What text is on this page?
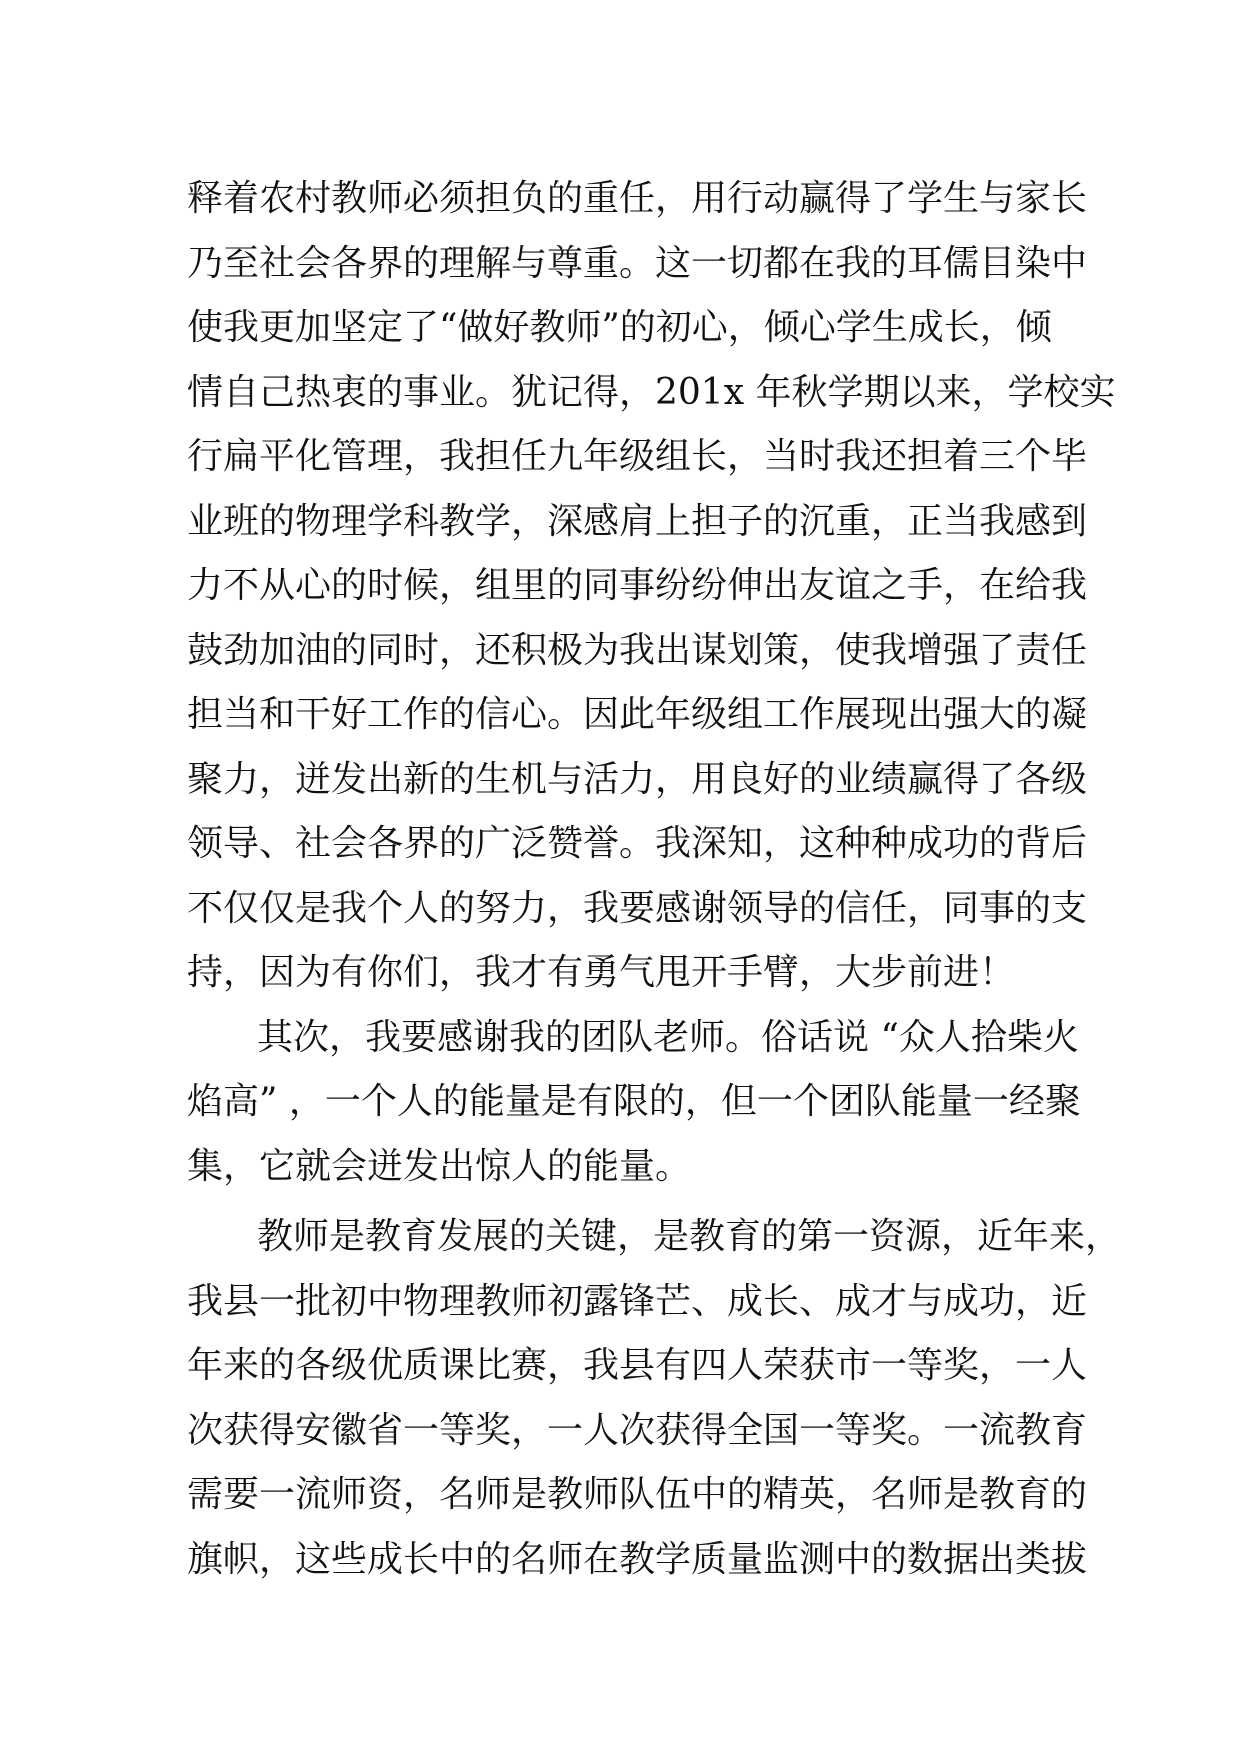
释着农村教师必须担负的重任，用行动赢得了学生与家长
乃至社会各界的理解与尊重。这一切都在我的耳儒目染中
使我更加坚定了“做好教师”的初心，倾心学生成长，倾
情自己热衷的事业。犹记得，201x 年秋学期以来，学校实
行扁平化管理，我担任九年级组长，当时我还担着三个毕
业班的物理学科教学，深感肩上担子的沉重，正当我感到
力不从心的时候，组里的同事纷纷伸出友谊之手，在给我
鼓劲加油的同时，还积极为我出谋划策，使我增强了责任
担当和干好工作的信心。因此年级组工作展现出强大的凝
聚力，迸发出新的生机与活力，用良好的业绩赢得了各级
领导、社会各界的广泛赞誉。我深知，这种种成功的背后
不仅仅是我个人的努力，我要感谢领导的信任，同事的支
持，因为有你们，我才有勇气甩开手臂，大步前进！
其次，我要感谢我的团队老师。俗话说 “众人拾柴火
焰高” ，一个人的能量是有限的，但一个团队能量一经聚
集，它就会迸发出惊人的能量。
教师是教育发展的关键，是教育的第一资源，近年来，
我县一批初中物理教师初露锋芒、成长、成才与成功，近
年来的各级优质课比赛，我县有四人荣获市一等奖，一人
次获得安徽省一等奖，一人次获得全国一等奖。一流教育
需要一流师资，名师是教师队伍中的精英，名师是教育的
旗帜，这些成长中的名师在教学质量监测中的数据出类拔
